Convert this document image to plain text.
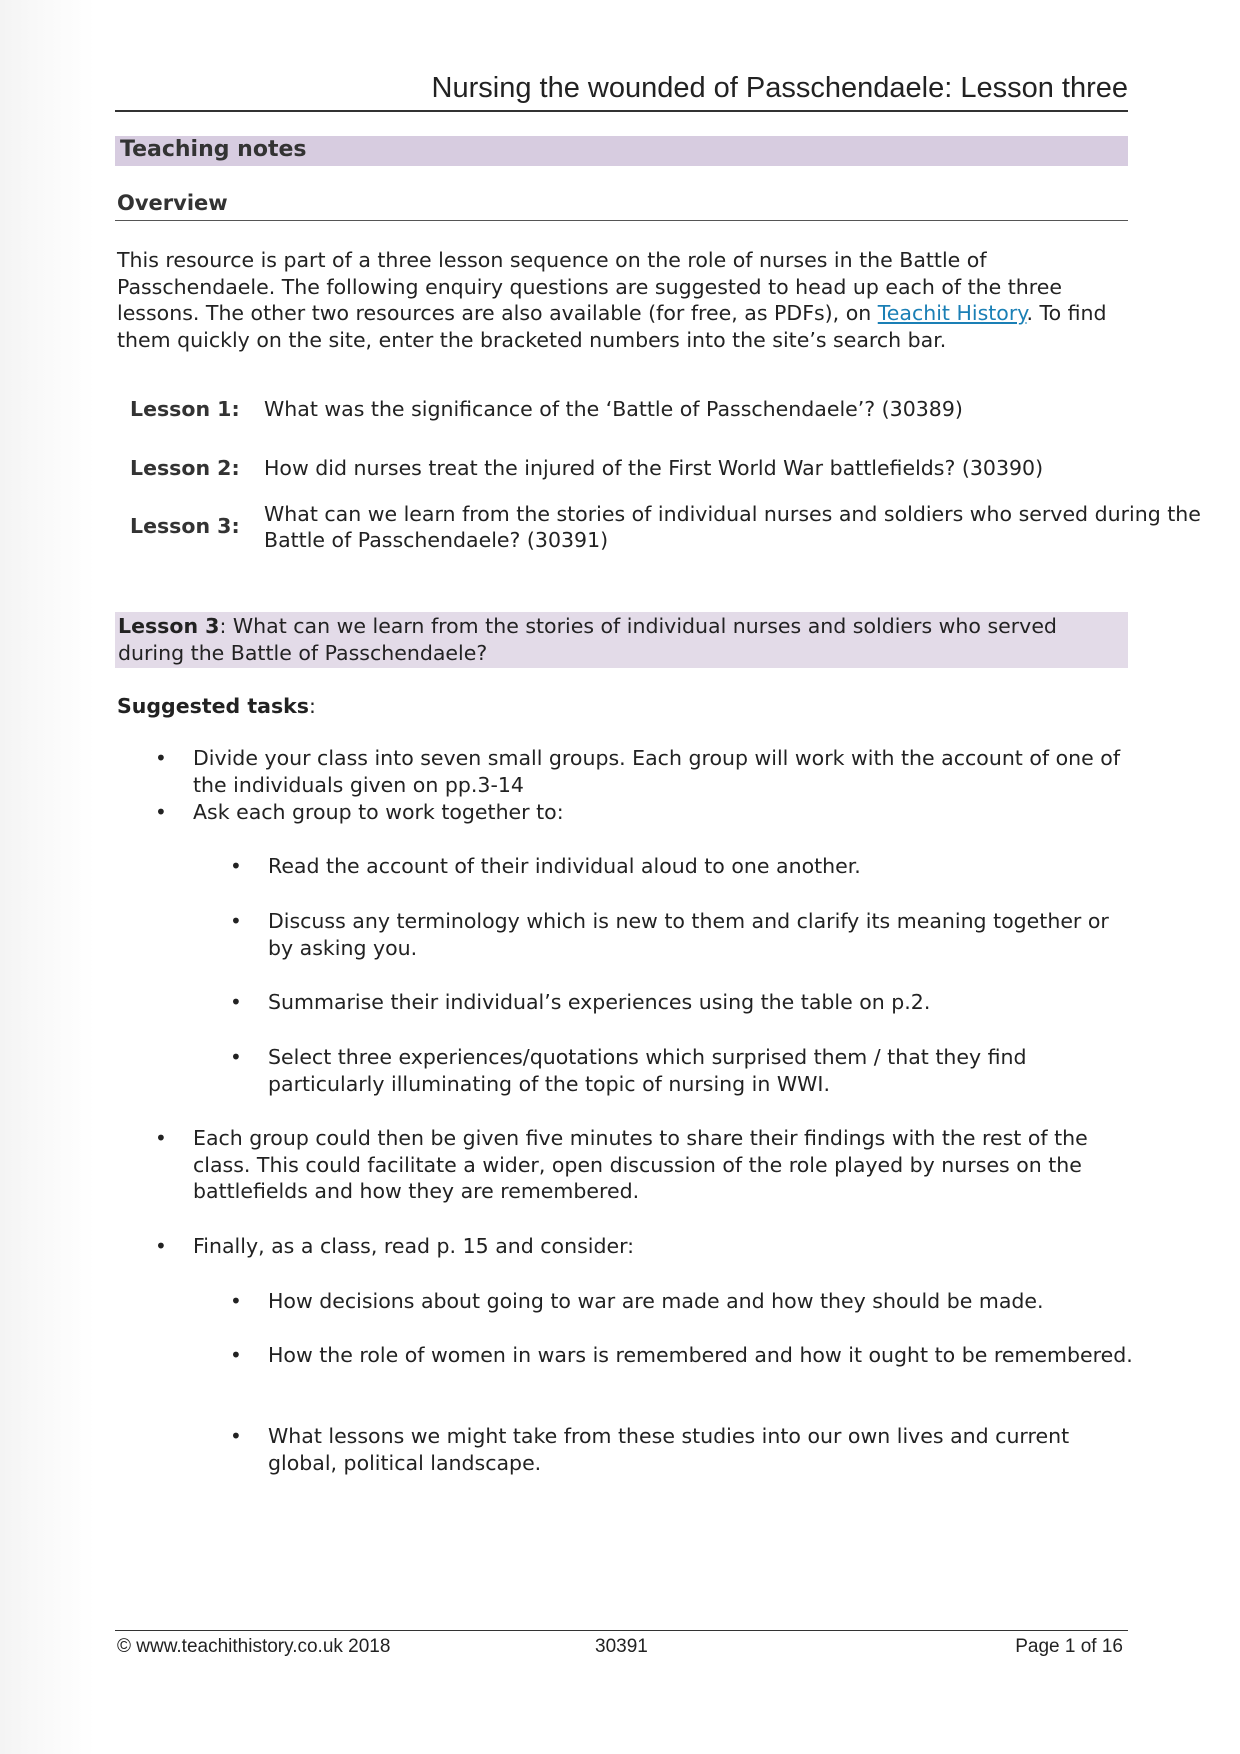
Nursing the wounded of Passchendaele: Lesson three
Teaching notes
Overview
This resource is part of a three lesson sequence on the role of nurses in the Battle of Passchendaele. The following enquiry questions are suggested to head up each of the three lessons. The other two resources are also available (for free, as PDFs), on Teachit History. To find them quickly on the site, enter the bracketed numbers into the site’s search bar.
Lesson 1:	What was the significance of the ‘Battle of Passchendaele’? (30389)
Lesson 2:	How did nurses treat the injured of the First World War battlefields? (30390)
Lesson 3:	What can we learn from the stories of individual nurses and soldiers who served during the Battle of Passchendaele? (30391)
Lesson 3: What can we learn from the stories of individual nurses and soldiers who served during the Battle of Passchendaele?
Suggested tasks:
• Divide your class into seven small groups. Each group will work with the account of one of the individuals given on pp.3-14
• Ask each group to work together to:
• Read the account of their individual aloud to one another.
• Discuss any terminology which is new to them and clarify its meaning together or by asking you.
• Summarise their individual’s experiences using the table on p.2.
• Select three experiences/quotations which surprised them / that they find particularly illuminating of the topic of nursing in WWI.
• Each group could then be given five minutes to share their findings with the rest of the class. This could facilitate a wider, open discussion of the role played by nurses on the battlefields and how they are remembered.
• Finally, as a class, read p. 15 and consider:
• How decisions about going to war are made and how they should be made.
• How the role of women in wars is remembered and how it ought to be remembered.
• What lessons we might take from these studies into our own lives and current global, political landscape.
© www.teachithistory.co.uk 2018	30391	Page 1 of 16
